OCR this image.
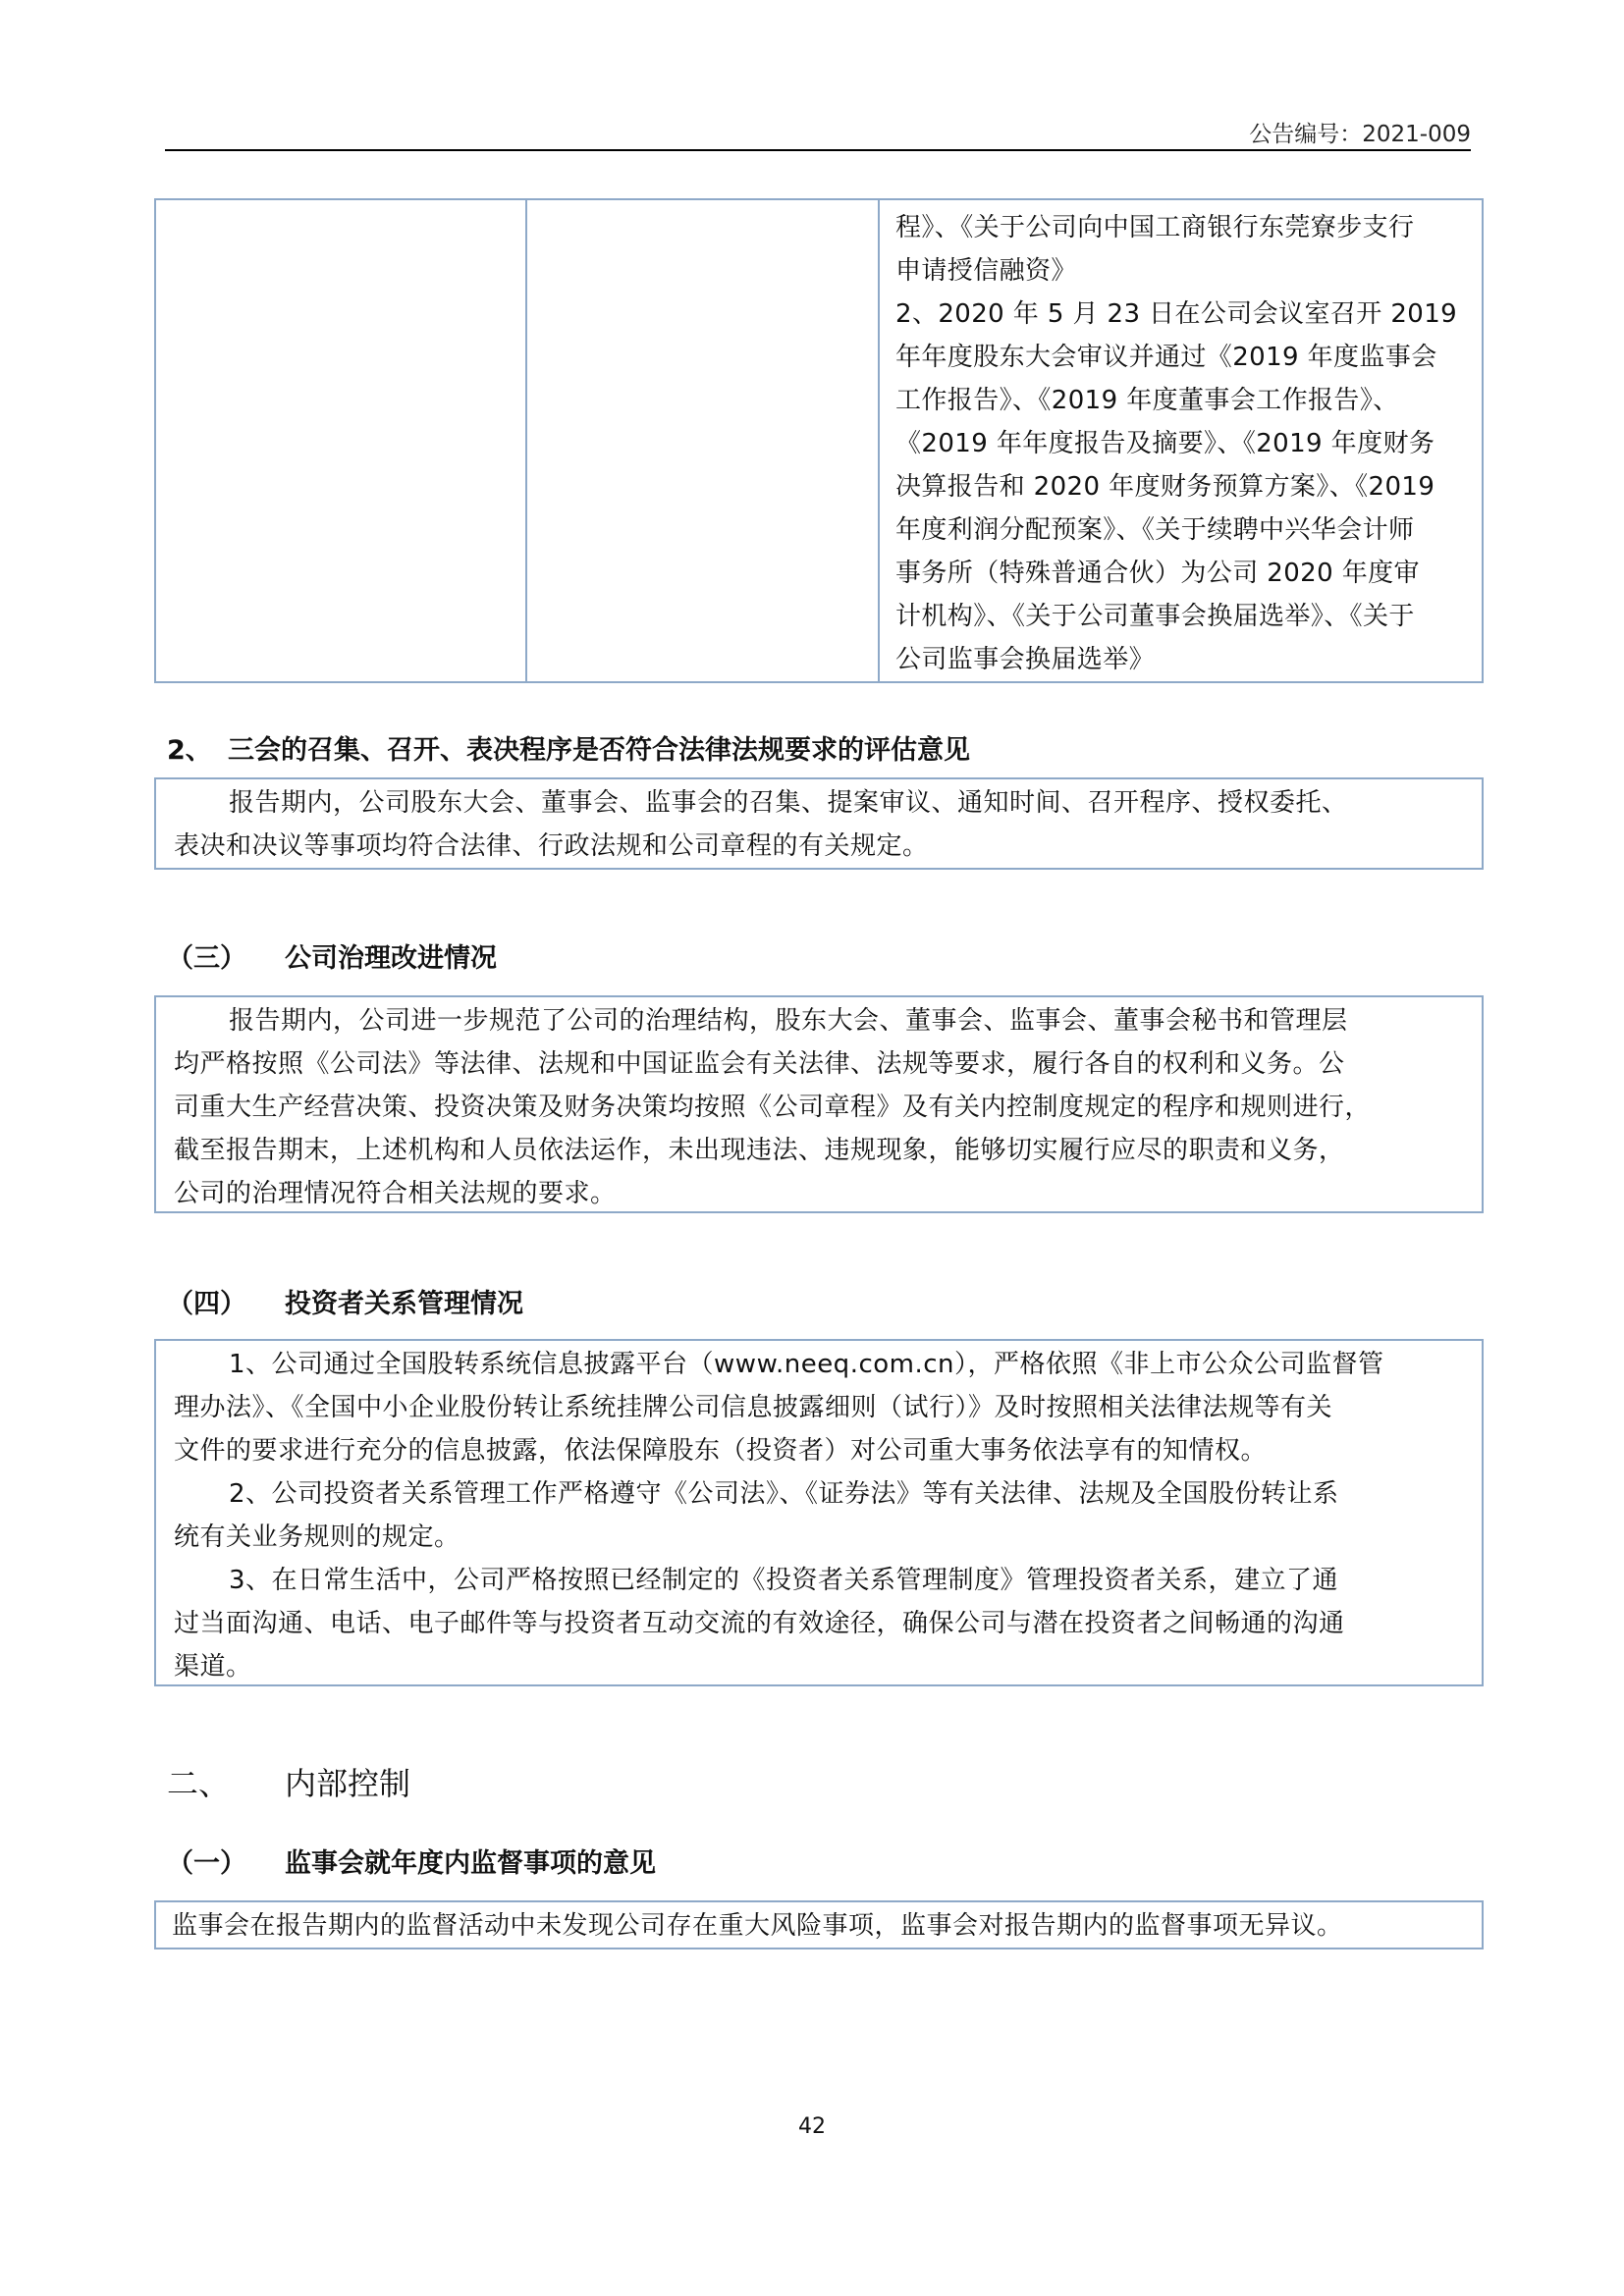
公告编号：2021-009

程》、《关于公司向中国工商银行东莞寮步支行
申请授信融资》
2、2020 年 5 月 23 日在公司会议室召开 2019
年年度股东大会审议并通过《2019 年度监事会
工作报告》、《2019 年度董事会工作报告》、
《2019 年年度报告及摘要》、《2019 年度财务
决算报告和 2020 年度财务预算方案》、《2019
年度利润分配预案》、《关于续聘中兴华会计师
事务所（特殊普通合伙）为公司 2020 年度审
计机构》、《关于公司董事会换届选举》、《关于
公司监事会换届选举》
2、 三会的召集、召开、表决程序是否符合法律法规要求的评估意见
报告期内，公司股东大会、董事会、监事会的召集、提案审议、通知时间、召开程序、授权委托、
表决和决议等事项均符合法律、行政法规和公司章程的有关规定。
（三） 公司治理改进情况
报告期内，公司进一步规范了公司的治理结构，股东大会、董事会、监事会、董事会秘书和管理层
均严格按照《公司法》等法律、法规和中国证监会有关法律、法规等要求，履行各自的权利和义务。公
司重大生产经营决策、投资决策及财务决策均按照《公司章程》及有关内控制度规定的程序和规则进行，
截至报告期末，上述机构和人员依法运作，未出现违法、违规现象，能够切实履行应尽的职责和义务，
公司的治理情况符合相关法规的要求。
（四） 投资者关系管理情况
1、公司通过全国股转系统信息披露平台（www.neeq.com.cn），严格依照《非上市公众公司监督管
理办法》、《全国中小企业股份转让系统挂牌公司信息披露细则（试行）》及时按照相关法律法规等有关
文件的要求进行充分的信息披露，依法保障股东（投资者）对公司重大事务依法享有的知情权。
2、公司投资者关系管理工作严格遵守《公司法》、《证券法》等有关法律、法规及全国股份转让系
统有关业务规则的规定。
3、在日常生活中，公司严格按照已经制定的《投资者关系管理制度》管理投资者关系，建立了通
过当面沟通、电话、电子邮件等与投资者互动交流的有效途径，确保公司与潜在投资者之间畅通的沟通
渠道。
二、 内部控制
（一） 监事会就年度内监督事项的意见
监事会在报告期内的监督活动中未发现公司存在重大风险事项，监事会对报告期内的监督事项无异议。
42
